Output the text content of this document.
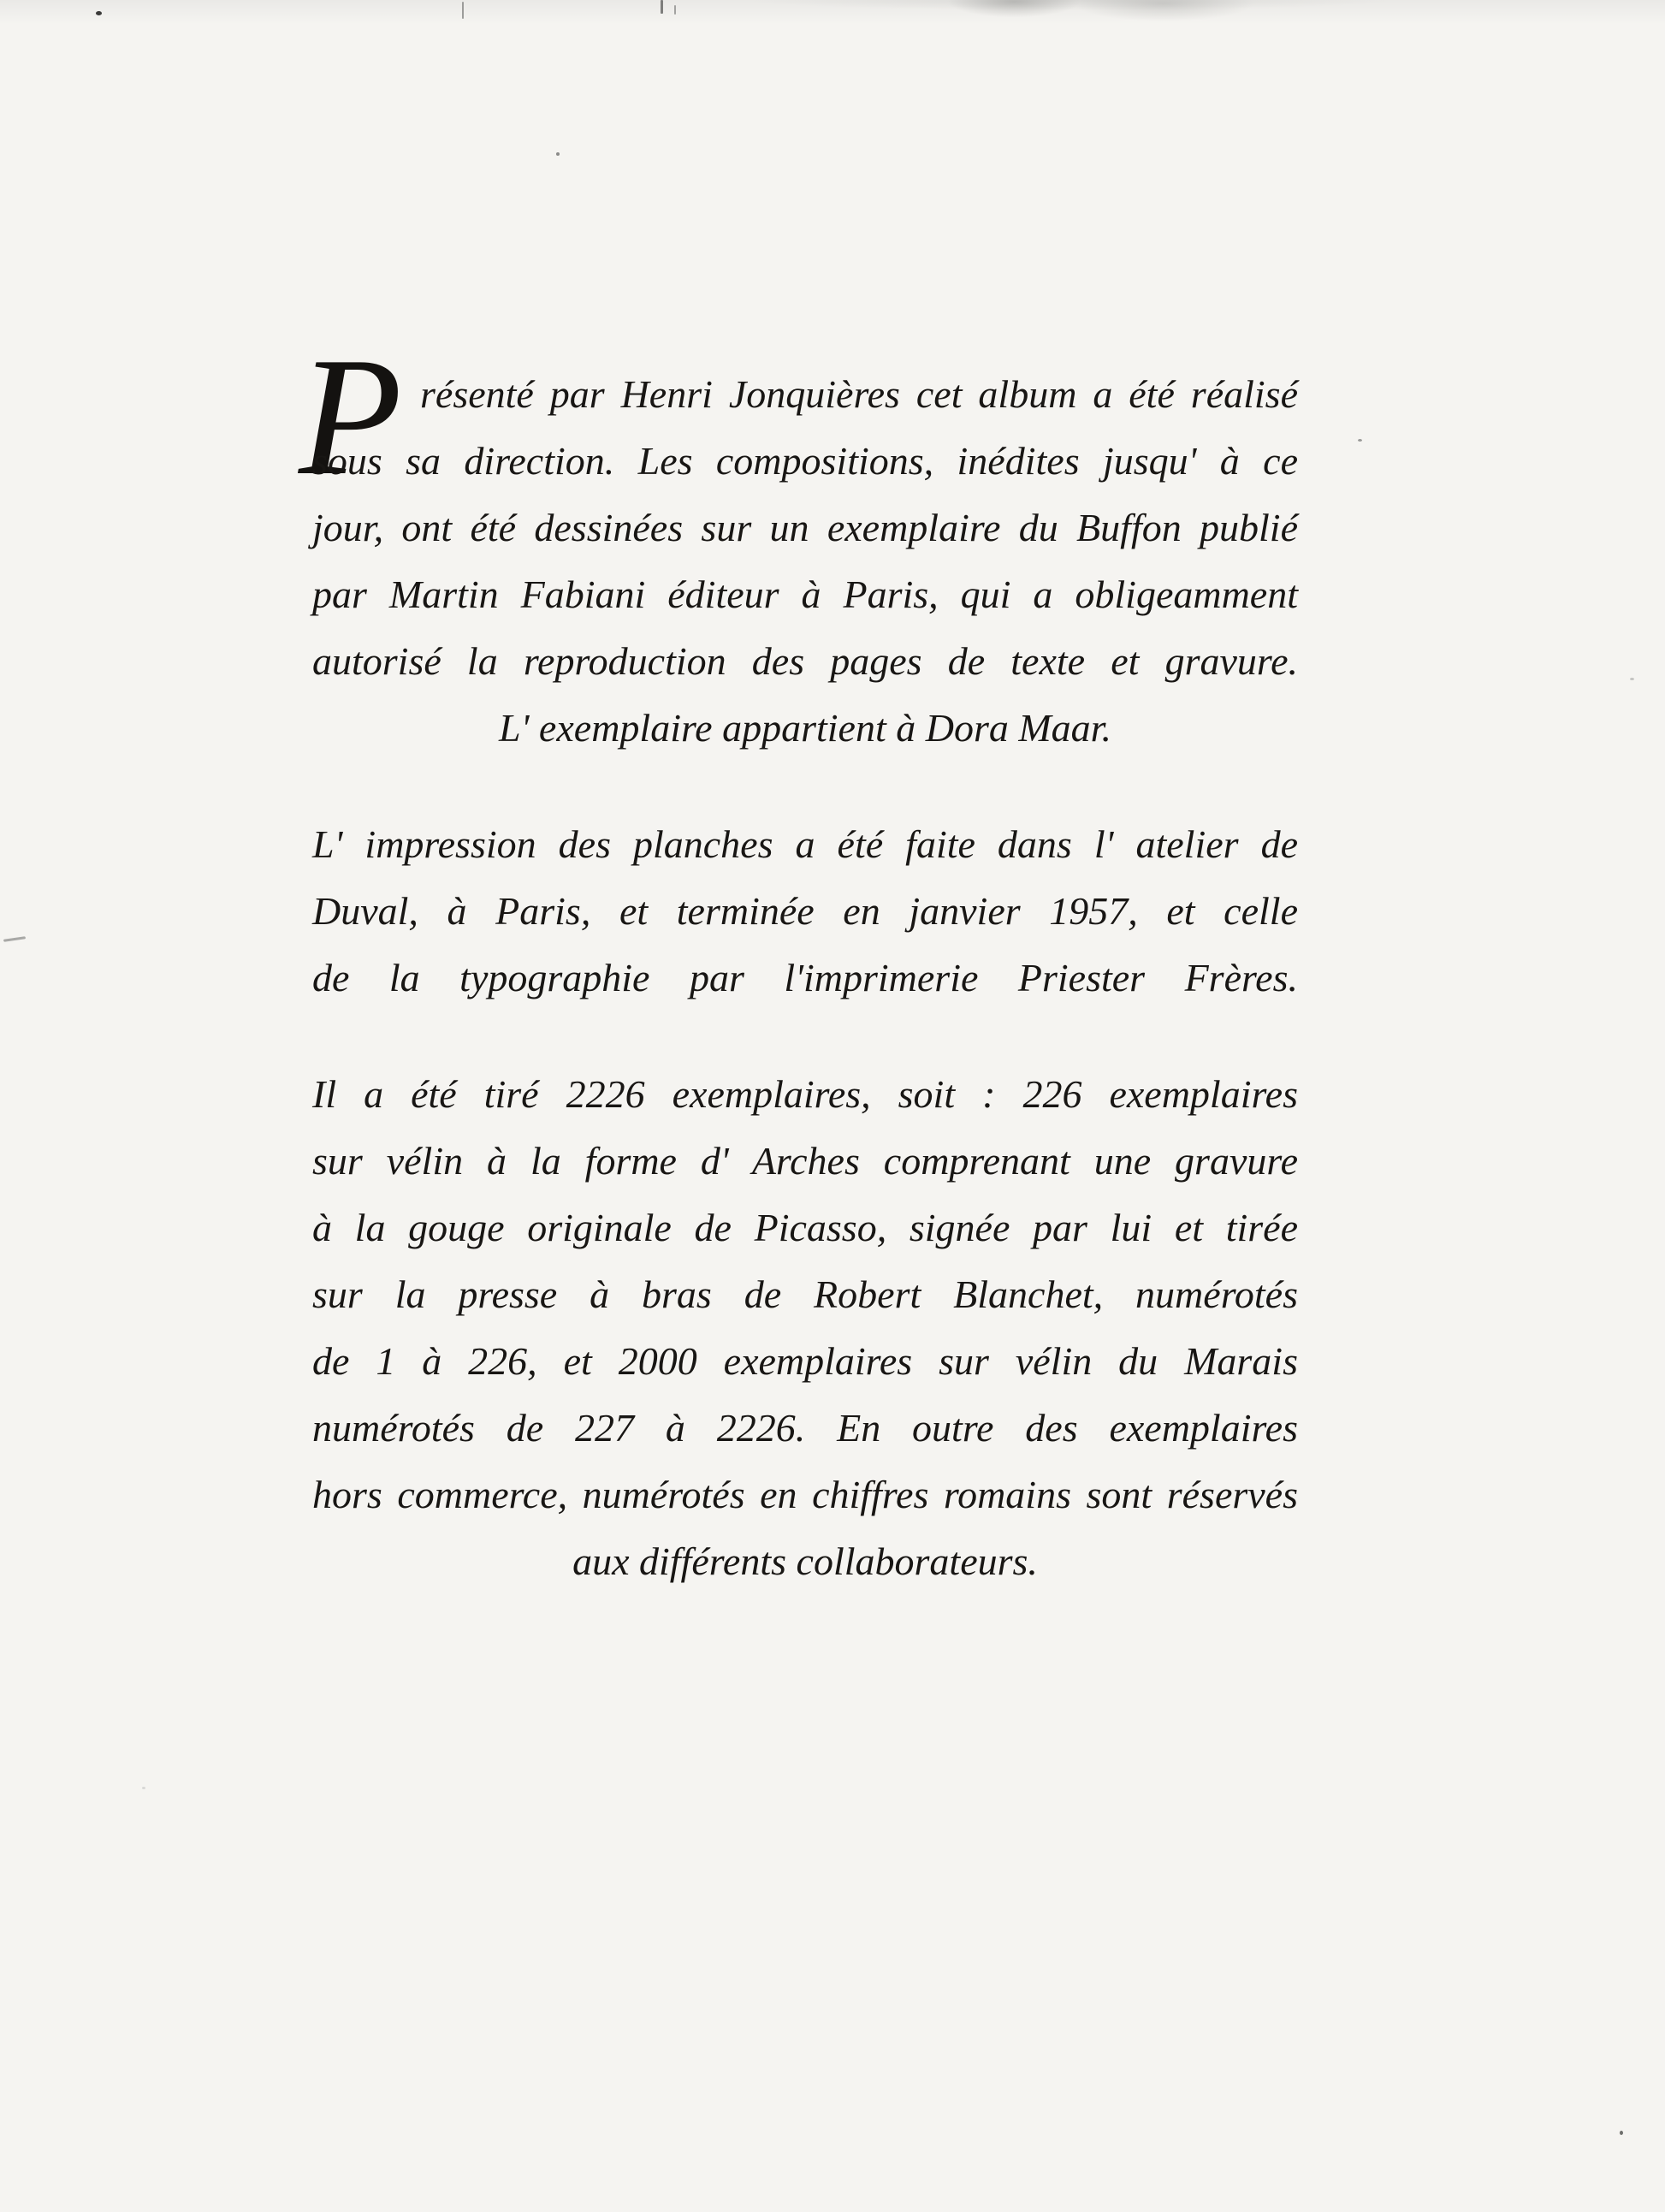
P résenté par Henri Jonquières cet album a été réalisé
sous sa direction. Les compositions, inédites jusqu' à ce
jour, ont été dessinées sur un exemplaire du Buffon publié
par Martin Fabiani éditeur à Paris, qui a obligeamment
autorisé la reproduction des pages de texte et gravure.
L' exemplaire appartient à Dora Maar.
L' impression des planches a été faite dans l' atelier de
Duval, à Paris, et terminée en janvier 1957, et celle
de la typographie par l'imprimerie Priester Frères.
Il a été tiré 2226 exemplaires, soit : 226 exemplaires
sur vélin à la forme d' Arches comprenant une gravure
à la gouge originale de Picasso, signée par lui et tirée
sur la presse à bras de Robert Blanchet, numérotés
de 1 à 226, et 2000 exemplaires sur vélin du Marais
numérotés de 227 à 2226. En outre des exemplaires
hors commerce, numérotés en chiffres romains sont réservés
aux différents collaborateurs.
